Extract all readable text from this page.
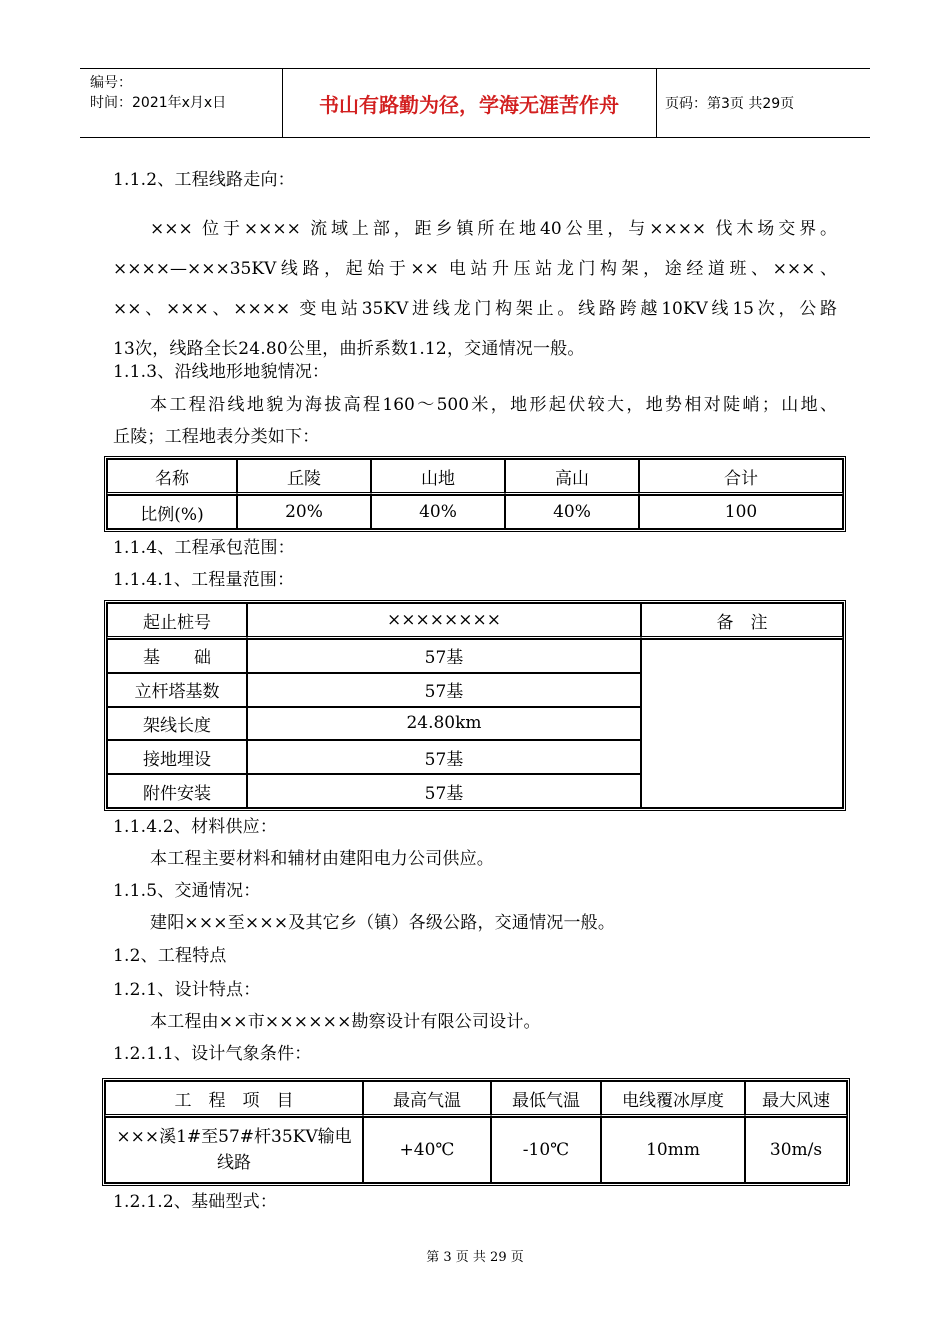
编号：
时间：2021年x月x日	书山有路勤为径，学海无涯苦作舟	页码：第3页 共29页
1.1.2、工程线路走向：
××× 位于×××× 流域上部，距乡镇所在地40公里，与×××× 伐木场交界。
××××—×××35KV线路，起始于×× 电站升压站龙门构架，途经道班、×××、
××、×××、×××× 变电站35KV进线龙门构架止。线路跨越10KV线15次，公路
13次，线路全长24.80公里，曲折系数1.12，交通情况一般。
1.1.3、沿线地形地貌情况：
本工程沿线地貌为海拔高程160～500米，地形起伏较大，地势相对陡峭；山地、
丘陵；工程地表分类如下：
名称	丘陵	山地	高山	合计
比例(%)	20%	40%	40%	100
1.1.4、工程承包范围：
1.1.4.1、工程量范围：
起止桩号	××××××××	备　注
基　　础	57基	
立杆塔基数	57基	
架线长度	24.80km	
接地埋设	57基	
附件安装	57基	
1.1.4.2、材料供应：
本工程主要材料和辅材由建阳电力公司供应。
1.1.5、交通情况：
建阳×××至×××及其它乡（镇）各级公路，交通情况一般。
1.2、工程特点
1.2.1、设计特点：
本工程由××市××××××勘察设计有限公司设计。
1.2.1.1、设计气象条件：
工　程　项　目	最高气温	最低气温	电线覆冰厚度	最大风速
×××溪1#至57#杆35KV输电线路	+40℃	-10℃	10mm	30m/s
1.2.1.2、基础型式：
第 3 页 共 29 页
